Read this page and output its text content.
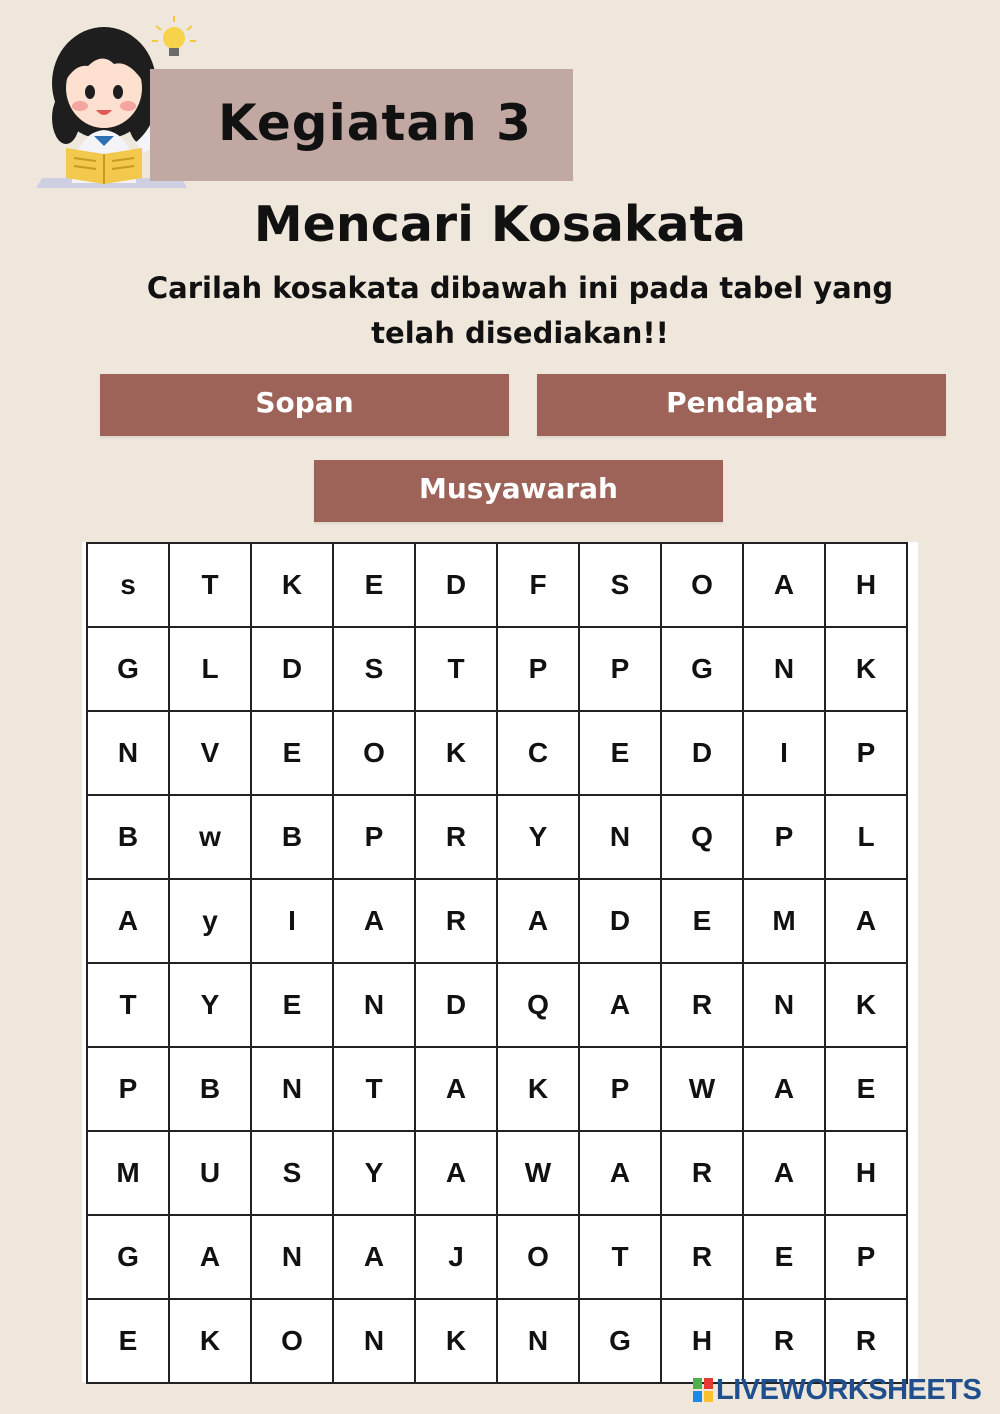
Kegiatan 3
Mencari Kosakata
Carilah kosakata dibawah ini pada tabel yang
telah disediakan!!
Sopan	Pendapat
Musyawarah
s	T	K	E	D	F	S	O	A	H
G	L	D	S	T	P	P	G	N	K
N	V	E	O	K	C	E	D	I	P
B	w	B	P	R	Y	N	Q	P	L
A	y	I	A	R	A	D	E	M	A
T	Y	E	N	D	Q	A	R	N	K
P	B	N	T	A	K	P	W	A	E
M	U	S	Y	A	W	A	R	A	H
G	A	N	A	J	O	T	R	E	P
E	K	O	N	K	N	G	H	R	R
LIVEWORKSHEETS
